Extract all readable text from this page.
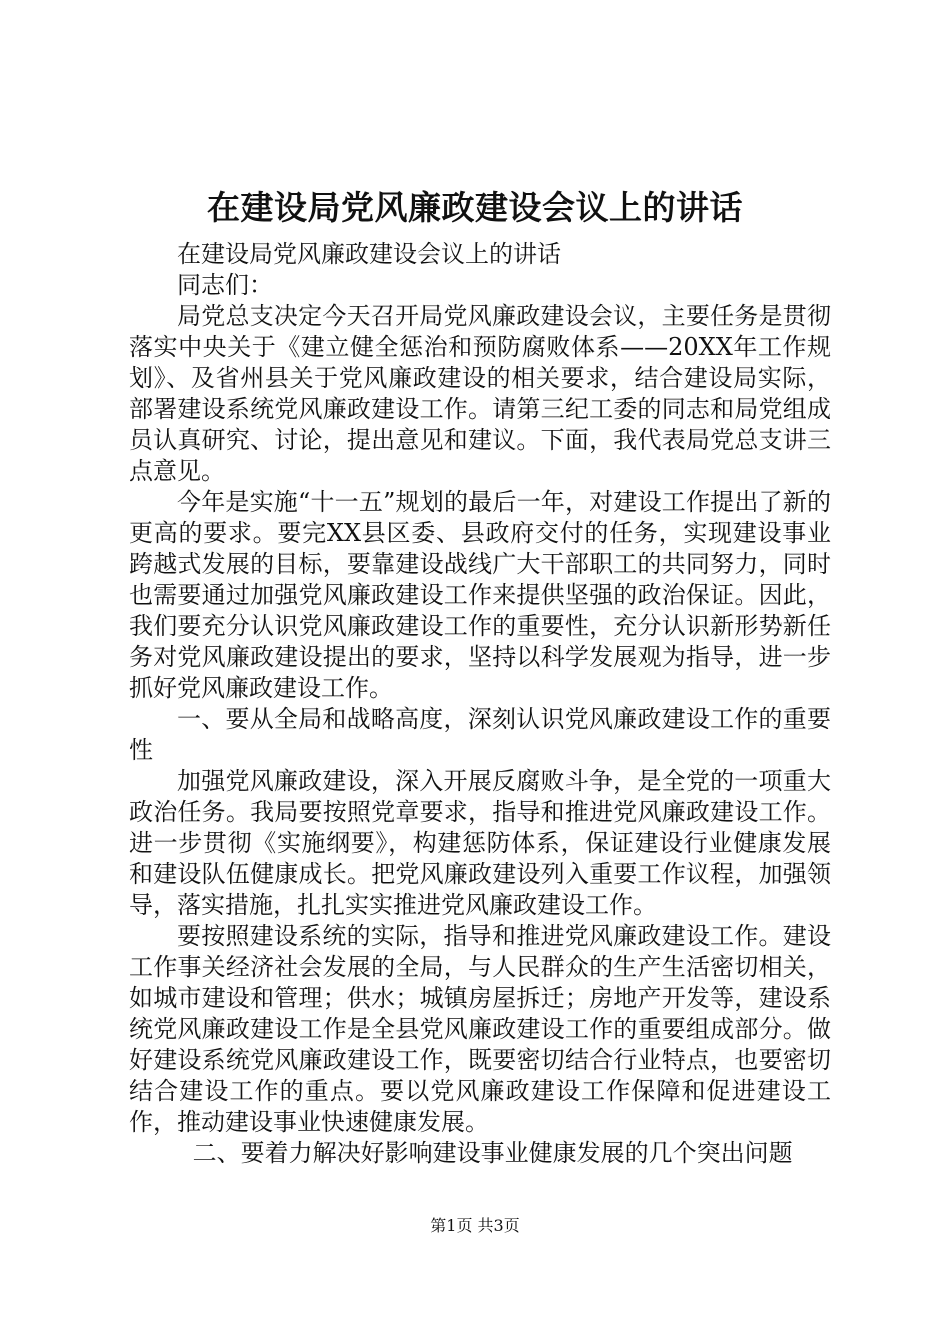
在建设局党风廉政建设会议上的讲话

在建设局党风廉政建设会议上的讲话

同志们：

局党总支决定今天召开局党风廉政建设会议，主要任务是贯彻落实中央关于《建立健全惩治和预防腐败体系——20XX年工作规划》、及省州县关于党风廉政建设的相关要求，结合建设局实际，部署建设系统党风廉政建设工作。请第三纪工委的同志和局党组成员认真研究、讨论，提出意见和建议。下面，我代表局党总支讲三点意见。

今年是实施“十一五”规划的最后一年，对建设工作提出了新的更高的要求。要完XX县区委、县政府交付的任务，实现建设事业跨越式发展的目标，要靠建设战线广大干部职工的共同努力，同时也需要通过加强党风廉政建设工作来提供坚强的政治保证。因此，我们要充分认识党风廉政建设工作的重要性，充分认识新形势新任务对党风廉政建设提出的要求，坚持以科学发展观为指导，进一步抓好党风廉政建设工作。

一、要从全局和战略高度，深刻认识党风廉政建设工作的重要性

加强党风廉政建设，深入开展反腐败斗争，是全党的一项重大政治任务。我局要按照党章要求，指导和推进党风廉政建设工作。进一步贯彻《实施纲要》，构建惩防体系，保证建设行业健康发展和建设队伍健康成长。把党风廉政建设列入重要工作议程，加强领导，落实措施，扎扎实实推进党风廉政建设工作。

要按照建设系统的实际，指导和推进党风廉政建设工作。建设工作事关经济社会发展的全局，与人民群众的生产生活密切相关，如城市建设和管理；供水；城镇房屋拆迁；房地产开发等，建设系统党风廉政建设工作是全县党风廉政建设工作的重要组成部分。做好建设系统党风廉政建设工作，既要密切结合行业特点，也要密切结合建设工作的重点。要以党风廉政建设工作保障和促进建设工作，推动建设事业快速健康发展。

二、要着力解决好影响建设事业健康发展的几个突出问题

第1页 共3页
